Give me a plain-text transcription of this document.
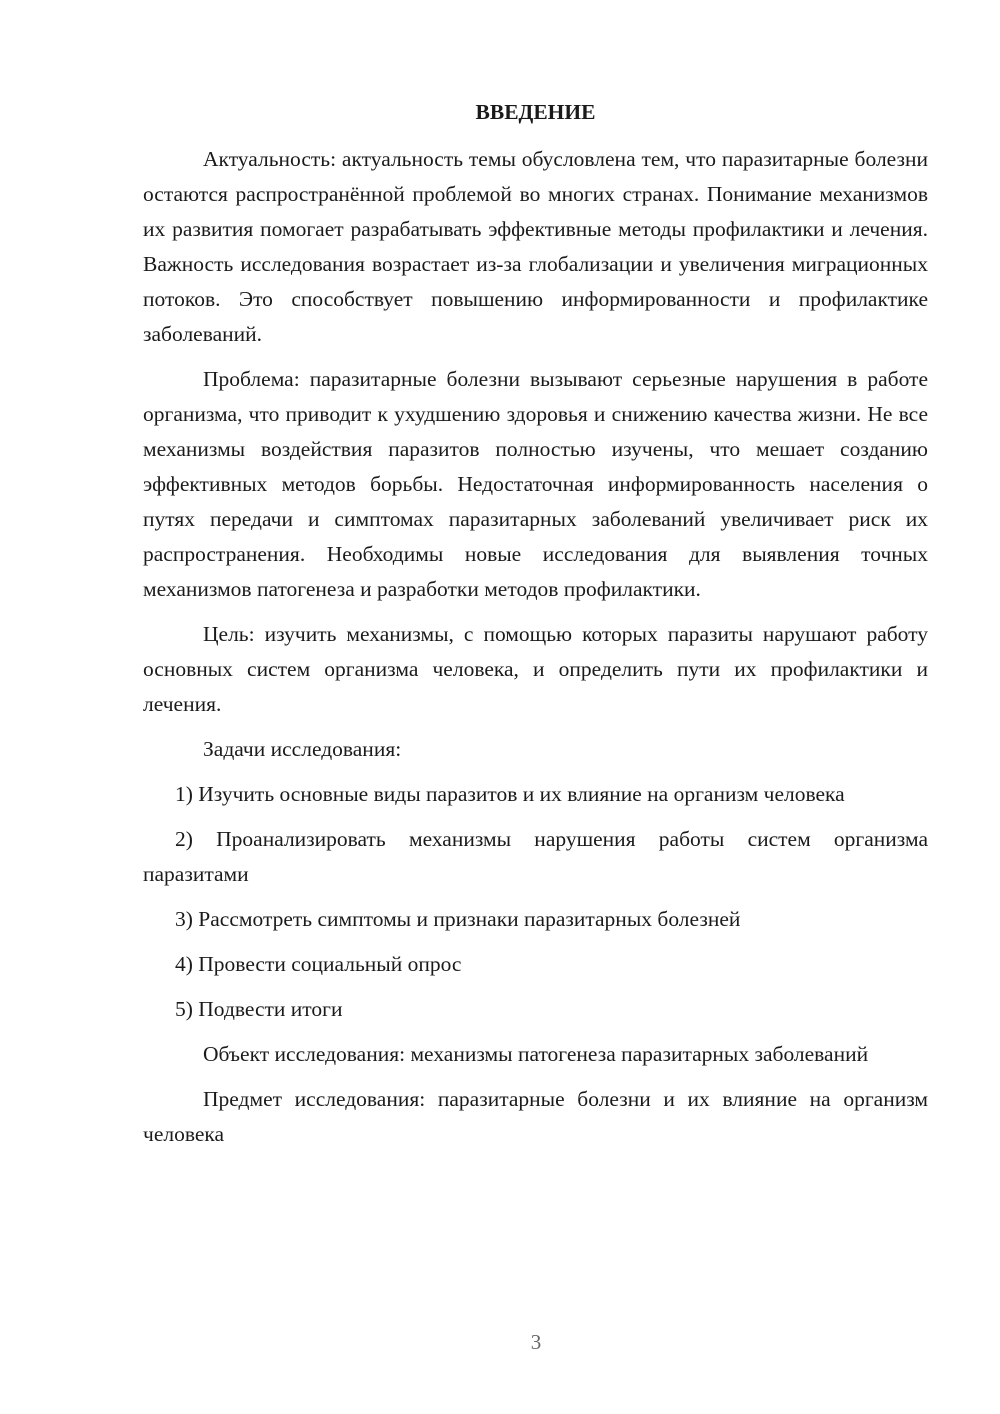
ВВЕДЕНИЕ

Актуальность: актуальность темы обусловлена тем, что паразитарные болезни остаются распространённой проблемой во многих странах. Понимание механизмов их развития помогает разрабатывать эффективные методы профилактики и лечения. Важность исследования возрастает из-за глобализации и увеличения миграционных потоков. Это способствует повышению информированности и профилактике заболеваний.

Проблема: паразитарные болезни вызывают серьезные нарушения в работе организма, что приводит к ухудшению здоровья и снижению качества жизни. Не все механизмы воздействия паразитов полностью изучены, что мешает созданию эффективных методов борьбы. Недостаточная информированность населения о путях передачи и симптомах паразитарных заболеваний увеличивает риск их распространения. Необходимы новые исследования для выявления точных механизмов патогенеза и разработки методов профилактики.

Цель: изучить механизмы, с помощью которых паразиты нарушают работу основных систем организма человека, и определить пути их профилактики и лечения.

Задачи исследования:

1) Изучить основные виды паразитов и их влияние на организм человека

2) Проанализировать механизмы нарушения работы систем организма паразитами

3) Рассмотреть симптомы и признаки паразитарных болезней

4) Провести социальный опрос

5) Подвести итоги

Объект исследования: механизмы патогенеза паразитарных заболеваний

Предмет исследования: паразитарные болезни и их влияние на организм человека

3
